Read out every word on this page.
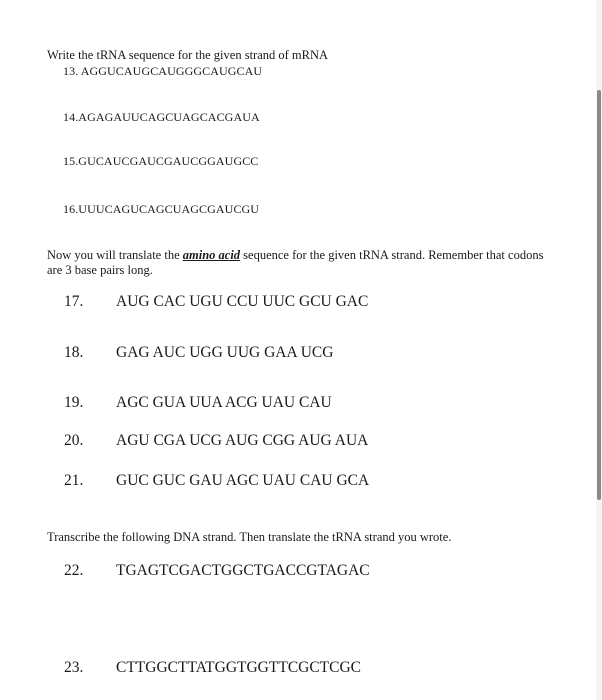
Write the tRNA sequence for the given strand of mRNA
13. AGGUCAUGCAUGGGCAUGCAU
14.AGAGAUUCAGCUAGCACGAUA
15.GUCAUCGAUCGAUCGGAUGCC
16.UUUCAGUCAGCUAGCGAUCGU
Now you will translate the amino acid sequence for the given tRNA strand. Remember that codons are 3 base pairs long.
17. AUG CAC UGU CCU UUC GCU GAC
18. GAG AUC UGG UUG GAA UCG
19. AGC GUA UUA ACG UAU CAU
20. AGU CGA UCG AUG CGG AUG AUA
21. GUC GUC GAU AGC UAU CAU GCA
Transcribe the following DNA strand. Then translate the tRNA strand you wrote.
22. TGAGTCGACTGGCTGACCGTAGAC
23. CTTGGCTTATGGTGGTTCGCTCGC
